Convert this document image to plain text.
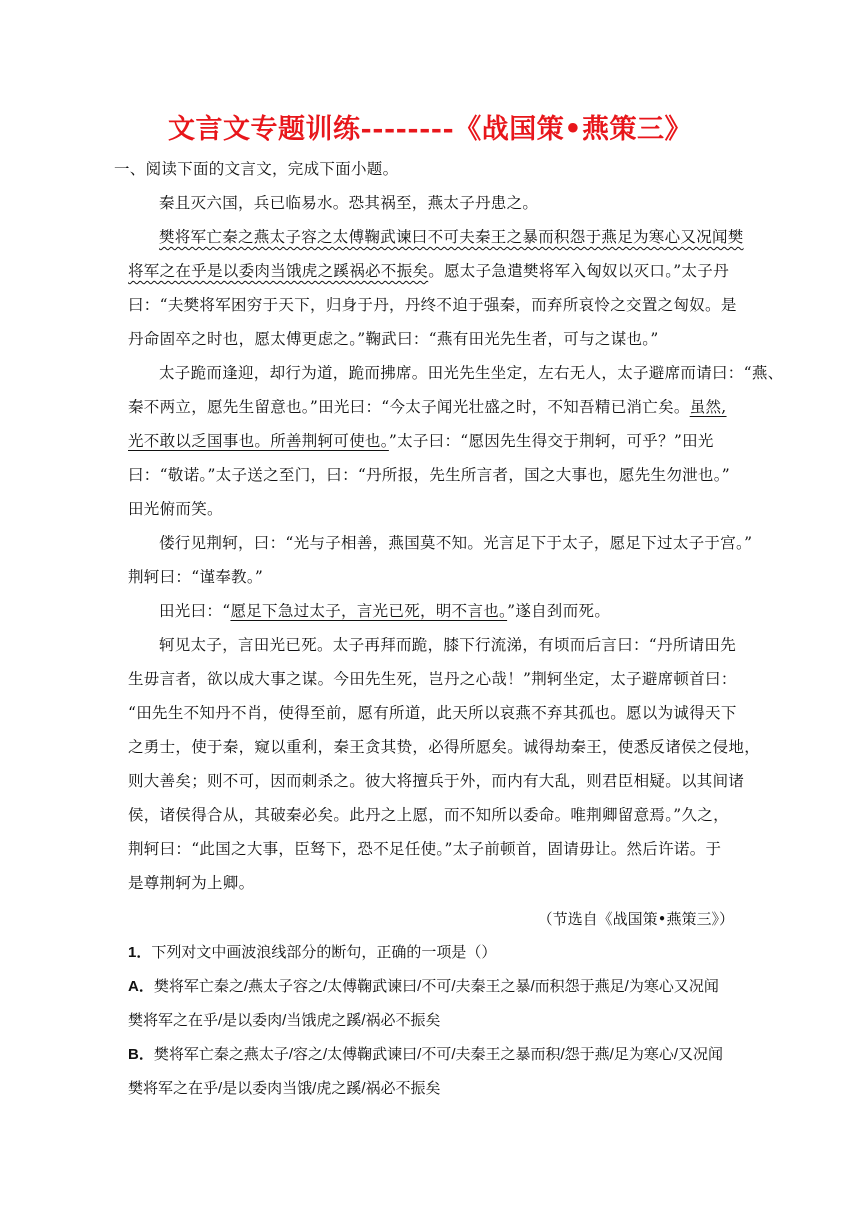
文言文专题训练--------《战国策•燕策三》
一、阅读下面的文言文，完成下面小题。
秦且灭六国，兵已临易水。恐其祸至，燕太子丹患之。
樊将军亡秦之燕太子容之太傅鞠武谏曰不可夫秦王之暴而积怨于燕足为寒心又况闻樊
将军之在乎是以委肉当饿虎之蹊祸必不振矣。愿太子急遣樊将军入匈奴以灭口。”太子丹
曰：“夫樊将军困穷于天下，归身于丹，丹终不迫于强秦，而弃所哀怜之交置之匈奴。是
丹命固卒之时也，愿太傅更虑之。”鞠武曰：“燕有田光先生者，可与之谋也。”
太子跪而逢迎，却行为道，跪而拂席。田光先生坐定，左右无人，太子避席而请曰：“燕、
秦不两立，愿先生留意也。”田光曰：“今太子闻光壮盛之时，不知吾精已消亡矣。虽然,
光不敢以乏国事也。所善荆轲可使也。”太子曰：“愿因先生得交于荆轲，可乎？”田光
曰：“敬诺。”太子送之至门，曰：“丹所报，先生所言者，国之大事也，愿先生勿泄也。”
田光俯而笑。
偻行见荆轲，曰：“光与子相善，燕国莫不知。光言足下于太子，愿足下过太子于宫。”
荆轲曰：“谨奉教。”
田光曰：“愿足下急过太子，言光已死，明不言也。”遂自刭而死。
轲见太子，言田光已死。太子再拜而跪，膝下行流涕，有顷而后言曰：“丹所请田先
生毋言者，欲以成大事之谋。今田先生死，岂丹之心哉！”荆轲坐定，太子避席顿首曰：
“田先生不知丹不肖，使得至前，愿有所道，此天所以哀燕不弃其孤也。愿以为诚得天下
之勇士，使于秦，窥以重利，秦王贪其贽，必得所愿矣。诚得劫秦王，使悉反诸侯之侵地，
则大善矣；则不可，因而刺杀之。彼大将擅兵于外，而内有大乱，则君臣相疑。以其间诸
侯，诸侯得合从，其破秦必矣。此丹之上愿，而不知所以委命。唯荆卿留意焉。”久之，
荆轲曰：“此国之大事，臣驽下，恐不足任使。”太子前顿首，固请毋让。然后许诺。于
是尊荆轲为上卿。
（节选自《战国策•燕策三》）
1．下列对文中画波浪线部分的断句，正确的一项是（）
A．樊将军亡秦之/燕太子容之/太傅鞠武谏曰/不可/夫秦王之暴/而积怨于燕足/为寒心又况闻
樊将军之在乎/是以委肉/当饿虎之蹊/祸必不振矣
B．樊将军亡秦之燕太子/容之/太傅鞠武谏曰/不可/夫秦王之暴而积/怨于燕/足为寒心/又况闻
樊将军之在乎/是以委肉当饿/虎之蹊/祸必不振矣
